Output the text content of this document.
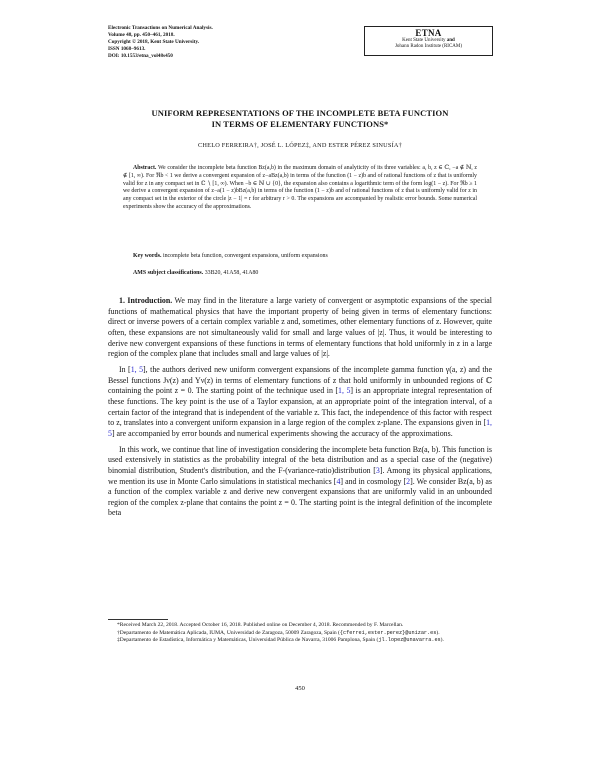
Electronic Transactions on Numerical Analysis.
Volume 48, pp. 450–461, 2018.
Copyright © 2018, Kent State University.
ISSN 1068–9613.
DOI: 10.1553/etna_vol48s450
ETNA
Kent State University and
Johann Radon Institute (RICAM)
UNIFORM REPRESENTATIONS OF THE INCOMPLETE BETA FUNCTION
IN TERMS OF ELEMENTARY FUNCTIONS*
CHELO FERREIRA†, JOSÉ L. LÓPEZ‡, AND ESTER PÉREZ SINUSÍA†
Abstract. We consider the incomplete beta function Bz(a,b) in the maximum domain of analyticity of its three variables: a, b, z ∈ ℂ, −a ∉ ℕ, z ∉ [1, ∞). For ℜb < 1 we derive a convergent expansion of z−aBz(a,b) in terms of the function (1 − z)b and of rational functions of z that is uniformly valid for z in any compact set in ℂ ∖ [1, ∞). When −b ∈ ℕ ∪ {0}, the expansion also contains a logarithmic term of the form log(1 − z). For ℜb ≥ 1 we derive a convergent expansion of z−a(1 − z)bBz(a,b) in terms of the function (1 − z)b and of rational functions of z that is uniformly valid for z in any compact set in the exterior of the circle |z − 1| = r for arbitrary r > 0. The expansions are accompanied by realistic error bounds. Some numerical experiments show the accuracy of the approximations.
Key words. incomplete beta function, convergent expansions, uniform expansions
AMS subject classifications. 33B20, 41A58, 41A80

1. Introduction. We may find in the literature a large variety of convergent or asymptotic expansions of the special functions of mathematical physics that have the important property of being given in terms of elementary functions: direct or inverse powers of a certain complex variable z and, sometimes, other elementary functions of z. However, quite often, these expansions are not simultaneously valid for small and large values of |z|. Thus, it would be interesting to derive new convergent expansions of these functions in terms of elementary functions that hold uniformly in z in a large region of the complex plane that includes small and large values of |z|.

In [1, 5], the authors derived new uniform convergent expansions of the incomplete gamma function γ(a, z) and the Bessel functions Jν(z) and Yν(z) in terms of elementary functions of z that hold uniformly in unbounded regions of ℂ containing the point z = 0. The starting point of the technique used in [1, 5] is an appropriate integral representation of these functions. The key point is the use of a Taylor expansion, at an appropriate point of the integration interval, of a certain factor of the integrand that is independent of the variable z. This fact, the independence of this factor with respect to z, translates into a convergent uniform expansion in a large region of the complex z-plane. The expansions given in [1, 5] are accompanied by error bounds and numerical experiments showing the accuracy of the approximations.

In this work, we continue that line of investigation considering the incomplete beta function Bz(a, b). This function is used extensively in statistics as the probability integral of the beta distribution and as a special case of the (negative) binomial distribution, Student's distribution, and the F-(variance-ratio)distribution [3]. Among its physical applications, we mention its use in Monte Carlo simulations in statistical mechanics [4] and in cosmology [2]. We consider Bz(a, b) as a function of the complex variable z and derive new convergent expansions that are uniformly valid in an unbounded region of the complex z-plane that contains the point z = 0. The starting point is the integral definition of the incomplete beta

*Received March 22, 2018. Accepted October 16, 2018. Published online on December 4, 2018. Recommended by F. Marcellan.

†Departamento de Matemática Aplicada, IUMA, Universidad de Zaragoza, 50009 Zaragoza, Spain ({cferrei,ester.perez}@unizar.es).

‡Departamento de Estadística, Informática y Matemáticas, Universidad Pública de Navarra, 31006 Pamplona, Spain (jl.lopez@unavarra.es).

450
